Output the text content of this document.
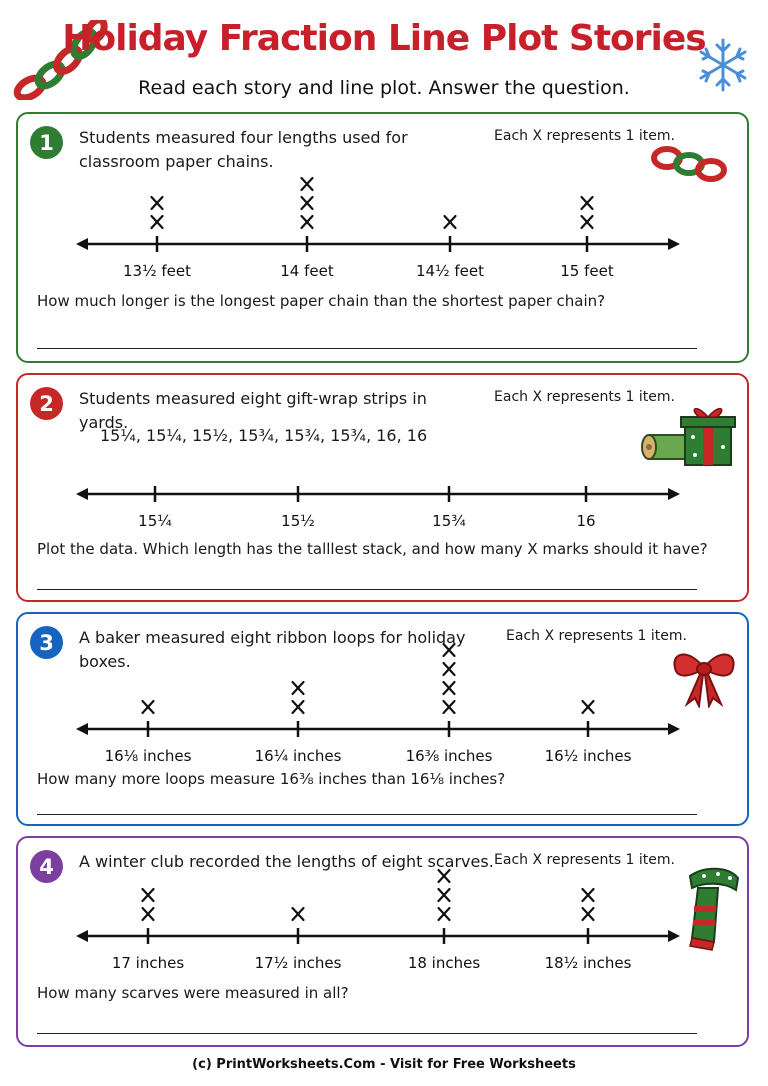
Holiday Fraction Line Plot Stories
Read each story and line plot. Answer the question.
1	Students measured four lengths used for classroom paper chains.
Each X represents 1 item.
13½ feet	14 feet	14½ feet	15 feet
How much longer is the longest paper chain than the shortest paper chain?
2	Students measured eight gift-wrap strips in yards.
Each X represents 1 item.
15¼, 15¼, 15½, 15¾, 15¾, 15¾, 16, 16
15¼	15½	15¾	16
Plot the data. Which length has the talllest stack, and how many X marks should it have?
3	A baker measured eight ribbon loops for holiday boxes.
Each X represents 1 item.
16⅛ inches	16¼ inches	16⅜ inches	16½ inches
How many more loops measure 16⅜ inches than 16⅛ inches?
4	A winter club recorded the lengths of eight scarves. Each X represents 1 item.
17 inches	17½ inches	18 inches	18½ inches
How many scarves were measured in all?
(c) PrintWorksheets.Com - Visit for Free Worksheets
